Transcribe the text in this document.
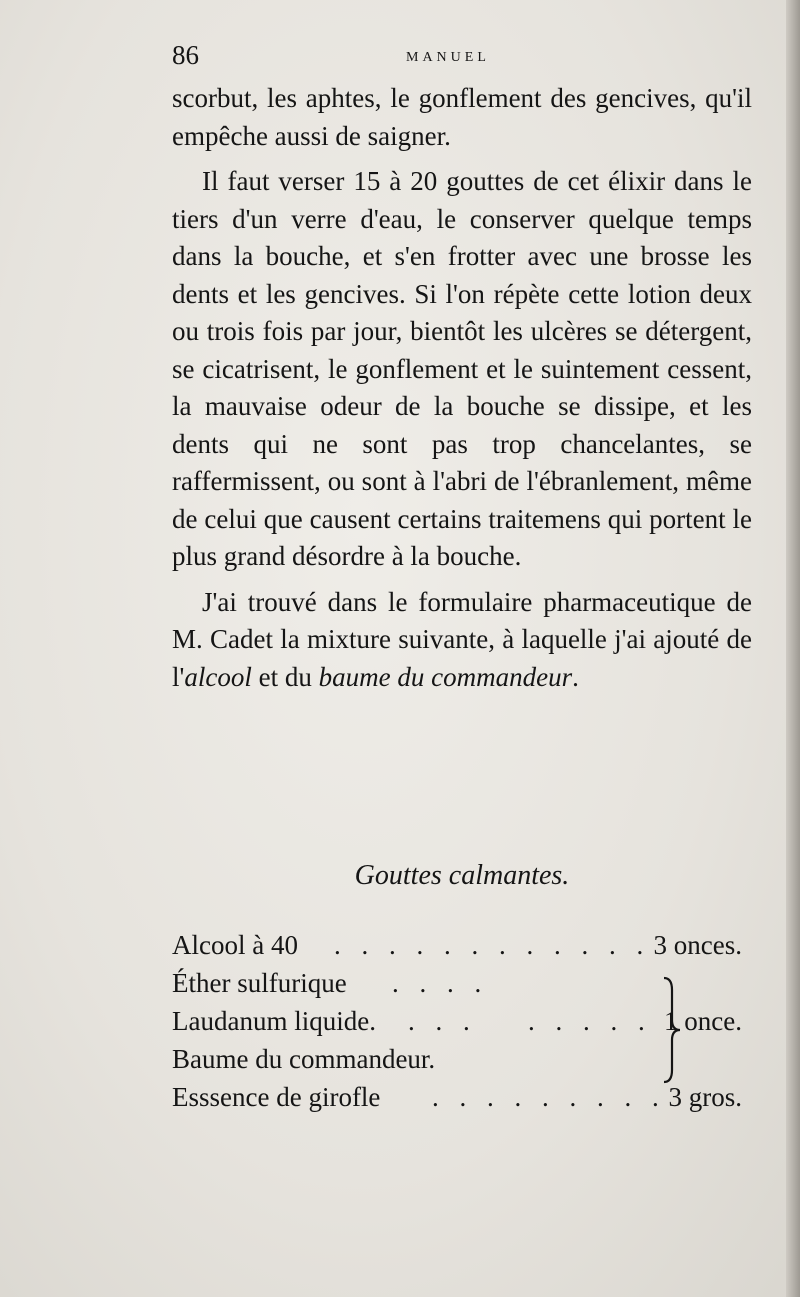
86	MANUEL

scorbut, les aphtes, le gonflement des gencives, qu'il empêche aussi de saigner.

Il faut verser 15 à 20 gouttes de cet élixir dans le tiers d'un verre d'eau, le conserver quelque temps dans la bouche, et s'en frotter avec une brosse les dents et les gencives. Si l'on répète cette lotion deux ou trois fois par jour, bientôt les ulcères se détergent, se cicatrisent, le gonflement et le suintement cessent, la mauvaise odeur de la bouche se dissipe, et les dents qui ne sont pas trop chancelantes, se raffermissent, ou sont à l'abri de l'ébranlement, même de celui que causent certains traitemens qui portent le plus grand désordre à la bouche.

J'ai trouvé dans le formulaire pharmaceutique de M. Cadet la mixture suivante, à laquelle j'ai ajouté de l'alcool et du baume du commandeur.

Gouttes calmantes.
Alcool à 40 . . . . . . . . . . . . 3 onces.
Éther sulfurique . . . .
Laudanum liquide. . . . . . . . . 1 once.
Baume du commandeur.
Esssence de girofle . . . . . . . . . 3 gros.
